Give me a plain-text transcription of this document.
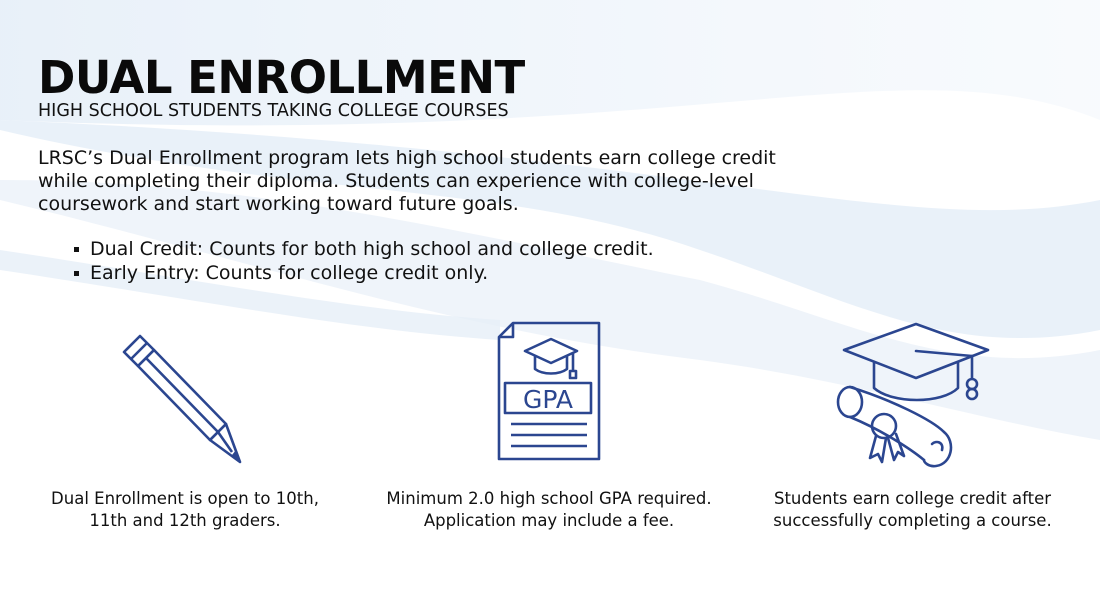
DUAL ENROLLMENT
HIGH SCHOOL STUDENTS TAKING COLLEGE COURSES

LRSC’s Dual Enrollment program lets high school students earn college credit while completing their diploma. Students can experience with college-level coursework and start working toward future goals.

Dual Credit: Counts for both high school and college credit.
Early Entry: Counts for college credit only.
GPA
Dual Enrollment is open to 10th,
11th and 12th graders.
Minimum 2.0 high school GPA required.
Application may include a fee.
Students earn college credit after
successfully completing a course.
